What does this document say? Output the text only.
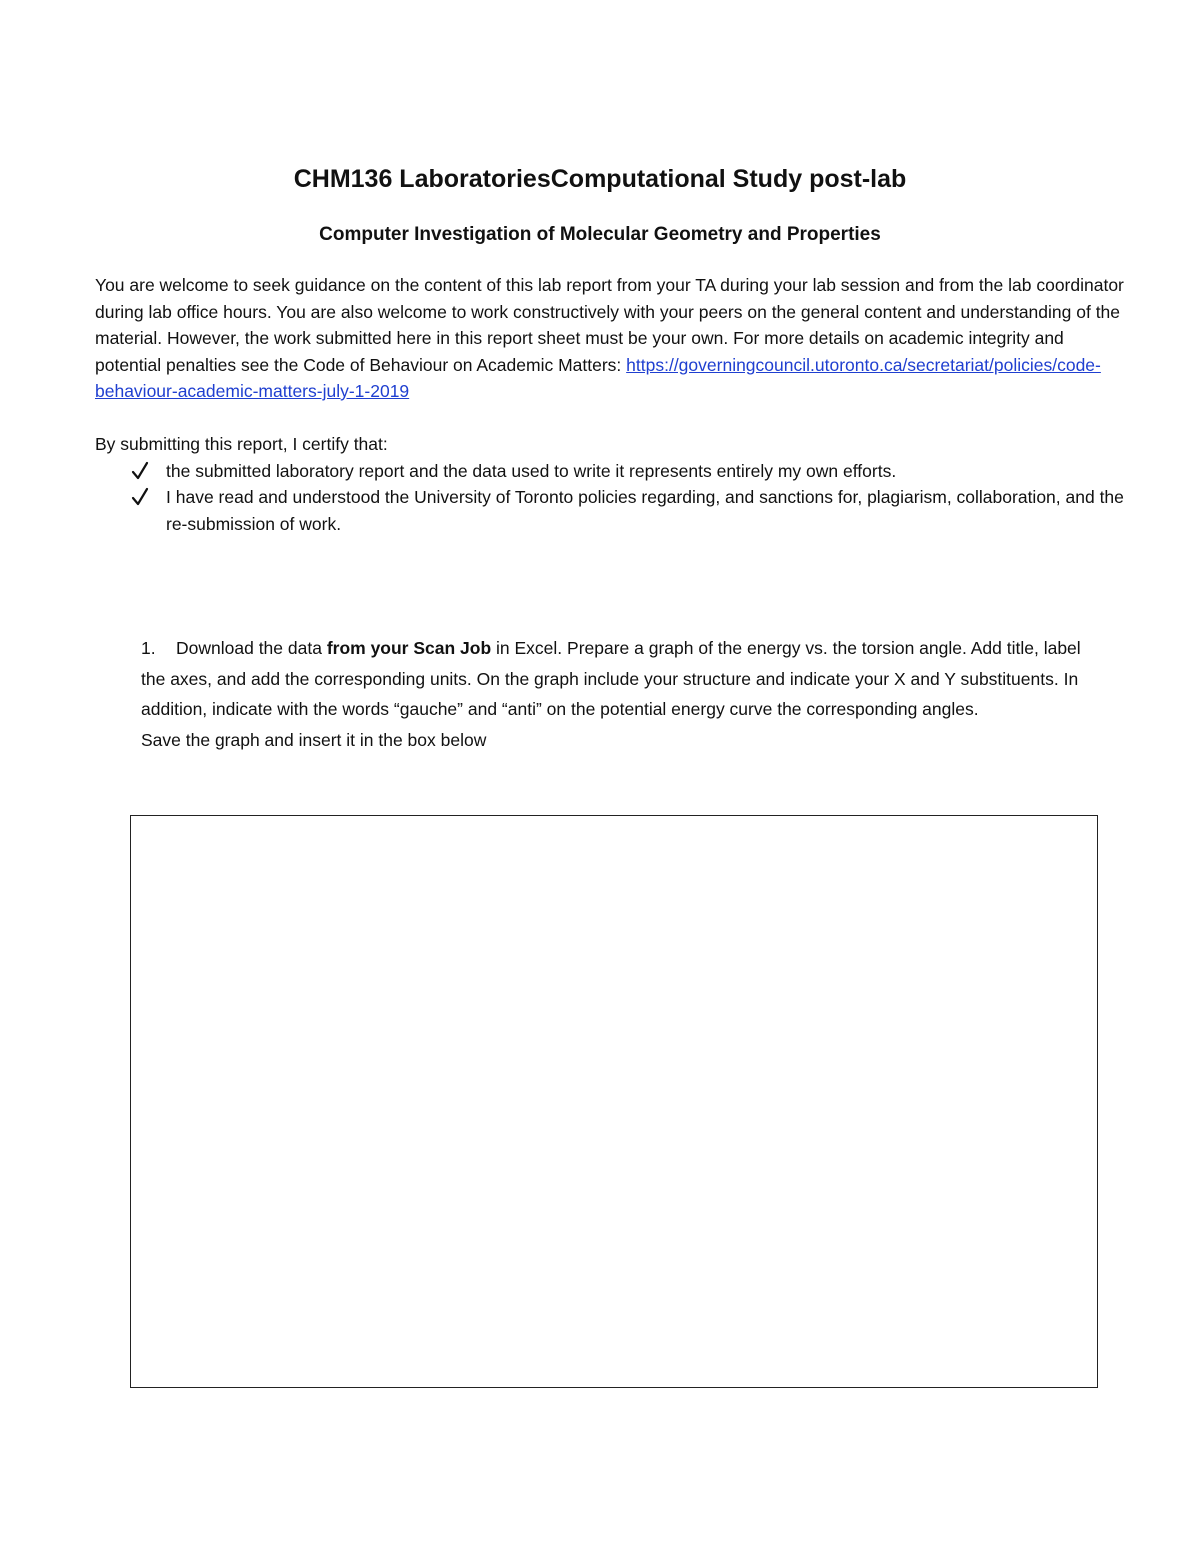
CHM136 LaboratoriesComputational Study post-lab
Computer Investigation of Molecular Geometry and Properties

You are welcome to seek guidance on the content of this lab report from your TA during your lab session and from the lab coordinator during lab office hours. You are also welcome to work constructively with your peers on the general content and understanding of the material. However, the work submitted here in this report sheet must be your own. For more details on academic integrity and potential penalties see the Code of Behaviour on Academic Matters: https://governingcouncil.utoronto.ca/secretariat/policies/code-behaviour-academic-matters-july-1-2019

By submitting this report, I certify that:

the submitted laboratory report and the data used to write it represents entirely my own efforts.
I have read and understood the University of Toronto policies regarding, and sanctions for, plagiarism, collaboration, and the re-submission of work.

1. Download the data from your Scan Job in Excel. Prepare a graph of the energy vs. the torsion angle. Add title, label the axes, and add the corresponding units. On the graph include your structure and indicate your X and Y substituents. In addition, indicate with the words “gauche” and “anti” on the potential energy curve the corresponding angles.

Save the graph and insert it in the box below
